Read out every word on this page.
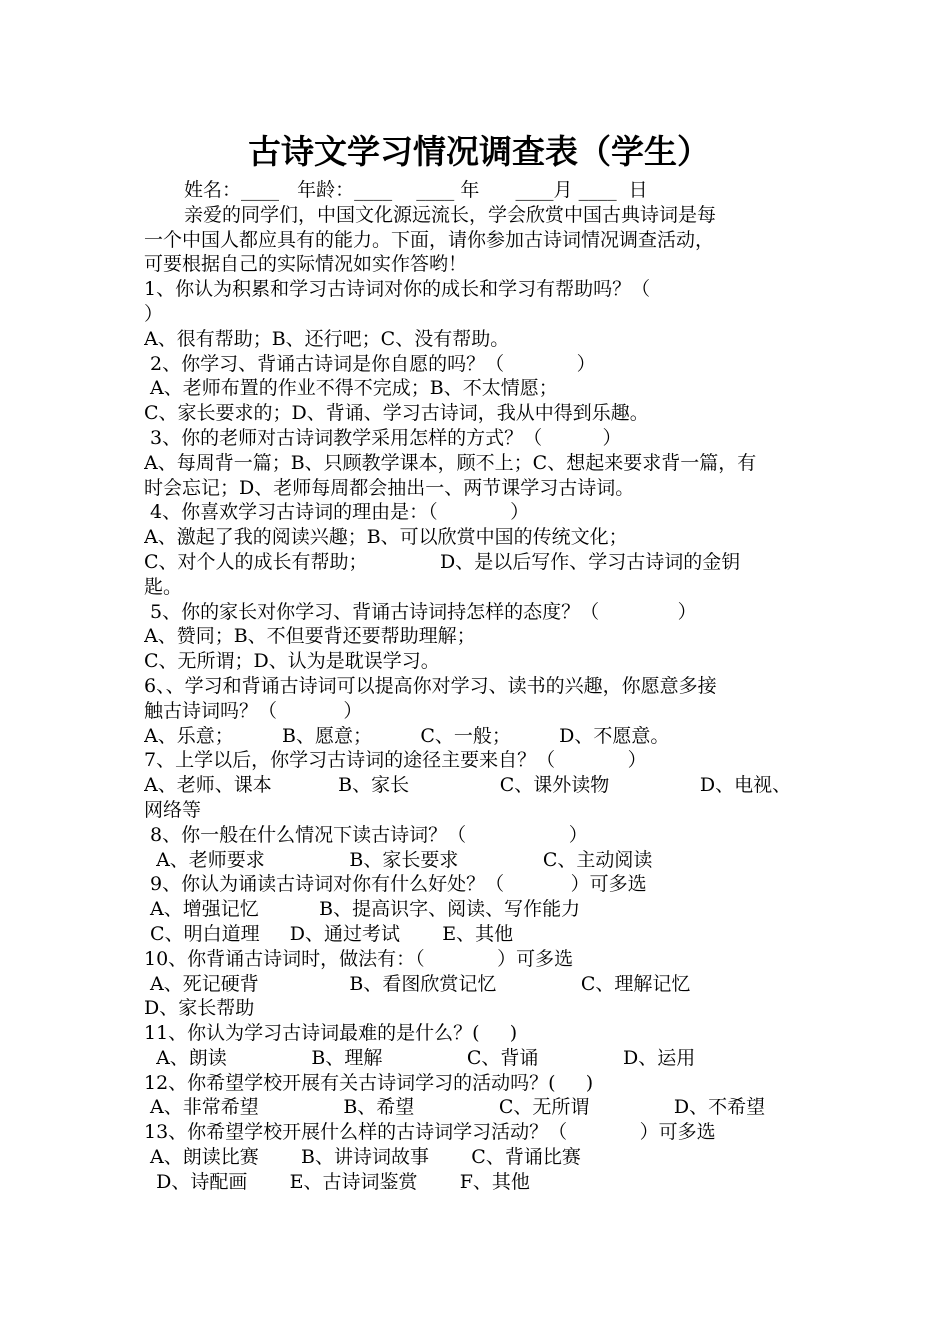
古诗文学习情况调查表（学生）
姓名：____   年龄：____    ____ 年      ____月 ____  日
亲爱的同学们，中国文化源远流长，学会欣赏中国古典诗词是每
一个中国人都应具有的能力。下面，请你参加古诗词情况调查活动，
可要根据自己的实际情况如实作答哟！
1、你认为积累和学习古诗词对你的成长和学习有帮助吗？（
）
A、很有帮助；B、还行吧；C、没有帮助。
2、你学习、背诵古诗词是你自愿的吗？（            ）
A、老师布置的作业不得不完成；B、不太情愿；
C、家长要求的；D、背诵、学习古诗词，我从中得到乐趣。
3、你的老师对古诗词教学采用怎样的方式？（          ）
A、每周背一篇；B、只顾教学课本，顾不上；C、想起来要求背一篇，有
时会忘记；D、老师每周都会抽出一、两节课学习古诗词。
4、你喜欢学习古诗词的理由是：（            ）
A、激起了我的阅读兴趣；B、可以欣赏中国的传统文化；
C、对个人的成长有帮助；            D、是以后写作、学习古诗词的金钥
匙。
5、你的家长对你学习、背诵古诗词持怎样的态度？（             ）
A、赞同；B、不但要背还要帮助理解；
C、无所谓；D、认为是耽误学习。
6、、学习和背诵古诗词可以提高你对学习、读书的兴趣，你愿意多接
触古诗词吗？（           ）
A、乐意；        B、愿意；        C、一般；        D、不愿意。
7、上学以后，你学习古诗词的途径主要来自？（            ）
A、老师、课本           B、家长               C、课外读物               D、电视、
网络等
8、你一般在什么情况下读古诗词？（                 ）
A、老师要求              B、家长要求              C、主动阅读
9、你认为诵读古诗词对你有什么好处？（           ）可多选
A、增强记忆          B、提高识字、阅读、写作能力
C、明白道理     D、通过考试       E、其他
10、你背诵古诗词时，做法有：（            ）可多选
A、死记硬背               B、看图欣赏记忆              C、理解记忆
D、家长帮助
11、你认为学习古诗词最难的是什么？(     )
A、朗读              B、理解              C、背诵              D、运用
12、你希望学校开展有关古诗词学习的活动吗？(     )
A、非常希望              B、希望              C、无所谓              D、不希望
13、你希望学校开展什么样的古诗词学习活动？（            ）可多选
A、朗读比赛       B、讲诗词故事       C、背诵比赛
D、诗配画       E、古诗词鉴赏       F、其他
